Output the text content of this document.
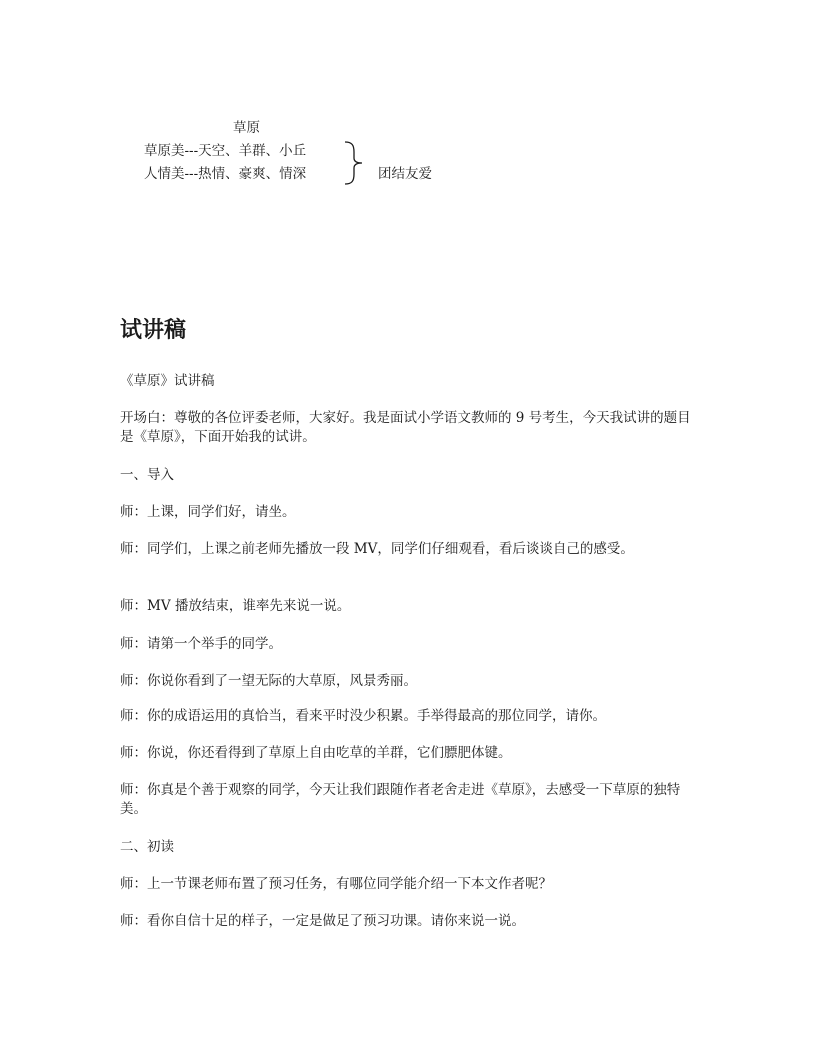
草原
草原美---天空、羊群、小丘
人情美---热情、豪爽、情深	团结友爱
试讲稿

《草原》试讲稿

开场白：尊敬的各位评委老师，大家好。我是面试小学语文教师的 9 号考生，今天我试讲的题目是《草原》，下面开始我的试讲。

一、导入

师：上课，同学们好，请坐。

师：同学们，上课之前老师先播放一段 MV，同学们仔细观看，看后谈谈自己的感受。

师：MV 播放结束，谁率先来说一说。

师：请第一个举手的同学。

师：你说你看到了一望无际的大草原，风景秀丽。

师：你的成语运用的真恰当，看来平时没少积累。手举得最高的那位同学，请你。

师：你说，你还看得到了草原上自由吃草的羊群，它们膘肥体键。

师：你真是个善于观察的同学，今天让我们跟随作者老舍走进《草原》，去感受一下草原的独特美。

二、初读

师：上一节课老师布置了预习任务，有哪位同学能介绍一下本文作者呢？

师：看你自信十足的样子，一定是做足了预习功课。请你来说一说。
